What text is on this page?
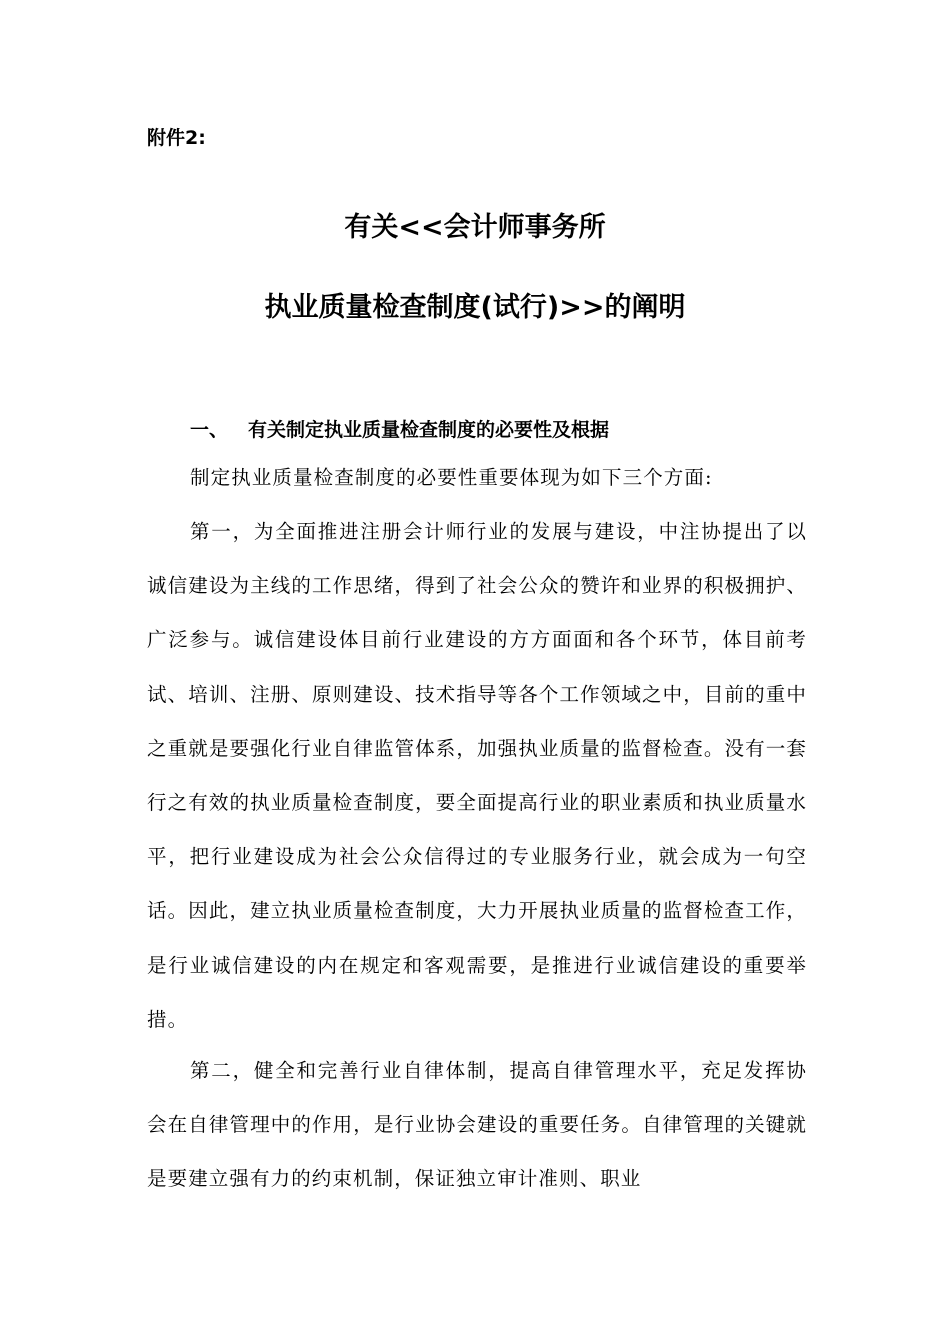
附件2:
有关<<会计师事务所
执业质量检查制度(试行)>>的阐明
一、 有关制定执业质量检查制度的必要性及根据

制定执业质量检查制度的必要性重要体现为如下三个方面:

第一，为全面推进注册会计师行业的发展与建设，中注协提出了以诚信建设为主线的工作思绪，得到了社会公众的赞许和业界的积极拥护、广泛参与。诚信建设体目前行业建设的方方面面和各个环节，体目前考试、培训、注册、原则建设、技术指导等各个工作领域之中，目前的重中之重就是要强化行业自律监管体系，加强执业质量的监督检查。没有一套行之有效的执业质量检查制度，要全面提高行业的职业素质和执业质量水平，把行业建设成为社会公众信得过的专业服务行业，就会成为一句空话。因此，建立执业质量检查制度，大力开展执业质量的监督检查工作，是行业诚信建设的内在规定和客观需要，是推进行业诚信建设的重要举措。

第二，健全和完善行业自律体制，提高自律管理水平，充足发挥协会在自律管理中的作用，是行业协会建设的重要任务。自律管理的关键就是要建立强有力的约束机制，保证独立审计准则、职业
